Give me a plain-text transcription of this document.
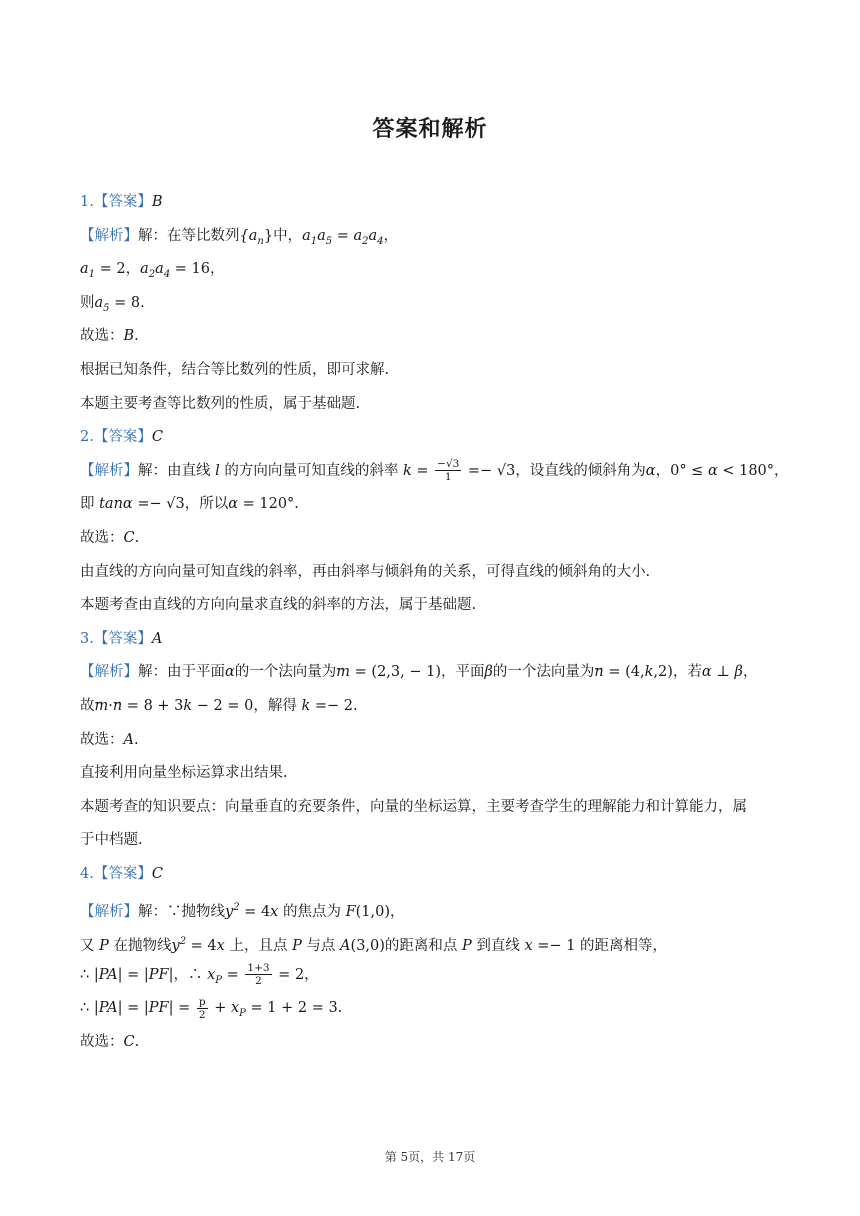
答案和解析
1.【答案】B
【解析】解：在等比数列$\{a_n\}$中，$a_1a_5 = a_2a_4$，
$a_1 = 2$，$a_2a_4 = 16$，
则$a_5 = 8$.
故选：B.
根据已知条件，结合等比数列的性质，即可求解.
本题主要考查等比数列的性质，属于基础题.
2.【答案】C
【解析】解：由直线 l 的方向向量可知直线的斜率 $k = \frac{-√3}{1} =- √3$，设直线的倾斜角为α，0° ≤ α < 180°，
即 tanα =− √3，所以α = 120°.
故选：C.
由直线的方向向量可知直线的斜率，再由斜率与倾斜角的关系，可得直线的倾斜角的大小.
本题考查由直线的方向向量求直线的斜率的方法，属于基础题.
3.【答案】A
【解析】解：由于平面α的一个法向量为→ m = (2,3, − 1)，平面β的一个法向量为→ n = (4,k,2)，若α ⊥ β，
故→ m·→ n = 8 + 3k − 2 = 0，解得 k =− 2.
故选：A.
直接利用向量坐标运算求出结果.
本题考查的知识要点：向量垂直的充要条件，向量的坐标运算，主要考查学生的理解能力和计算能力，属
于中档题.
4.【答案】C
【解析】解：∵抛物线$y^2 = 4x$ 的焦点为 F(1,0)，
又 P 在抛物线$y^2 = 4x$ 上，且点 P 与点 A(3,0)的距离和点 P 到直线 x =− 1 的距离相等，
∴ |PA| = |PF|，∴ $x_P = \frac{1+3}{2} = 2$，
∴ $|PA| = |PF| = \frac{p}{2} + x_P = 1 + 2 = 3$.
故选：C.
第 5页，共 17页
